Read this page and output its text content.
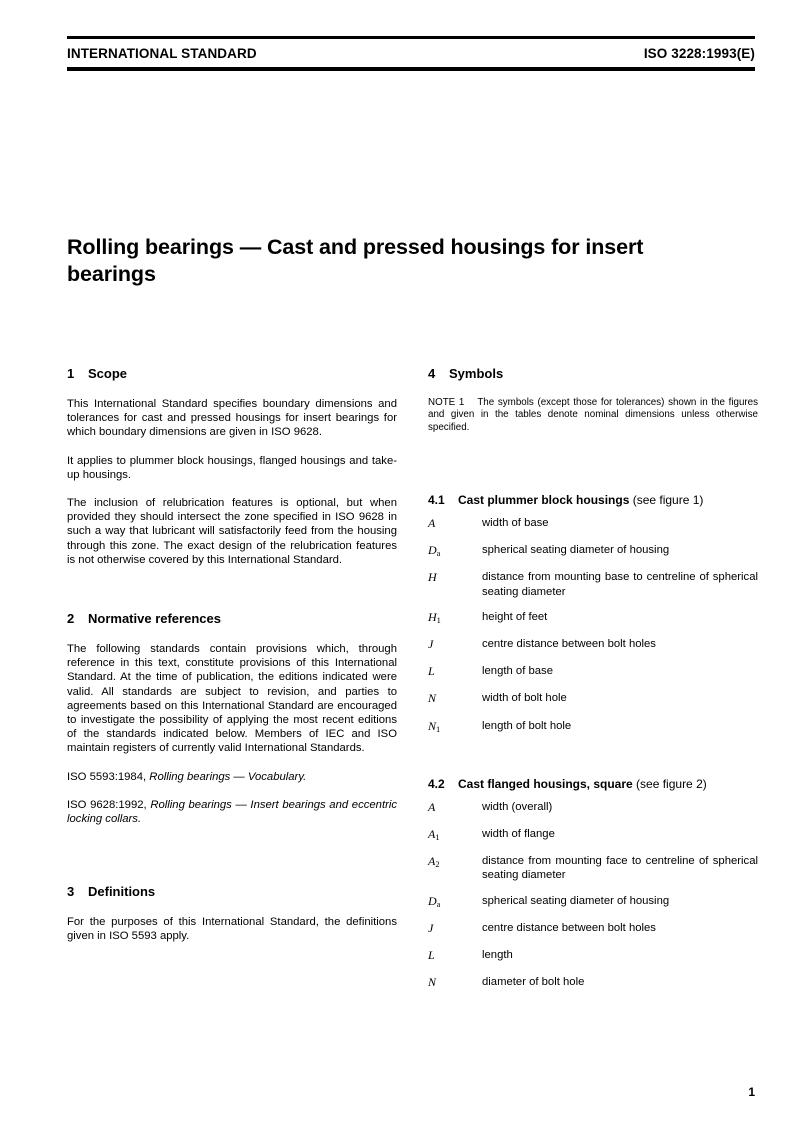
INTERNATIONAL STANDARD	ISO 3228:1993(E)
Rolling bearings — Cast and pressed housings for insert bearings
1 Scope

This International Standard specifies boundary dimensions and tolerances for cast and pressed housings for insert bearings for which boundary dimensions are given in ISO 9628.

It applies to plummer block housings, flanged housings and take-up housings.

The inclusion of relubrication features is optional, but when provided they should intersect the zone specified in ISO 9628 in such a way that lubricant will satisfactorily feed from the housing through this zone. The exact design of the relubrication features is not otherwise covered by this International Standard.

2 Normative references

The following standards contain provisions which, through reference in this text, constitute provisions of this International Standard. At the time of publication, the editions indicated were valid. All standards are subject to revision, and parties to agreements based on this International Standard are encouraged to investigate the possibility of applying the most recent editions of the standards indicated below. Members of IEC and ISO maintain registers of currently valid International Standards.

ISO 5593:1984, Rolling bearings — Vocabulary.

ISO 9628:1992, Rolling bearings — Insert bearings and eccentric locking collars.

3 Definitions

For the purposes of this International Standard, the definitions given in ISO 5593 apply.

4 Symbols

NOTE 1 The symbols (except those for tolerances) shown in the figures and given in the tables denote nominal dimensions unless otherwise specified.

4.1 Cast plummer block housings (see figure 1)
A	width of base
$D_a$	spherical seating diameter of housing
H	distance from mounting base to centreline of spherical seating diameter
$H_1$	height of feet
J	centre distance between bolt holes
L	length of base
N	width of bolt hole
$N_1$	length of bolt hole
4.2 Cast flanged housings, square (see figure 2)
A	width (overall)
$A_1$	width of flange
$A_2$	distance from mounting face to centreline of spherical seating diameter
$D_a$	spherical seating diameter of housing
J	centre distance between bolt holes
L	length
N	diameter of bolt hole
1
